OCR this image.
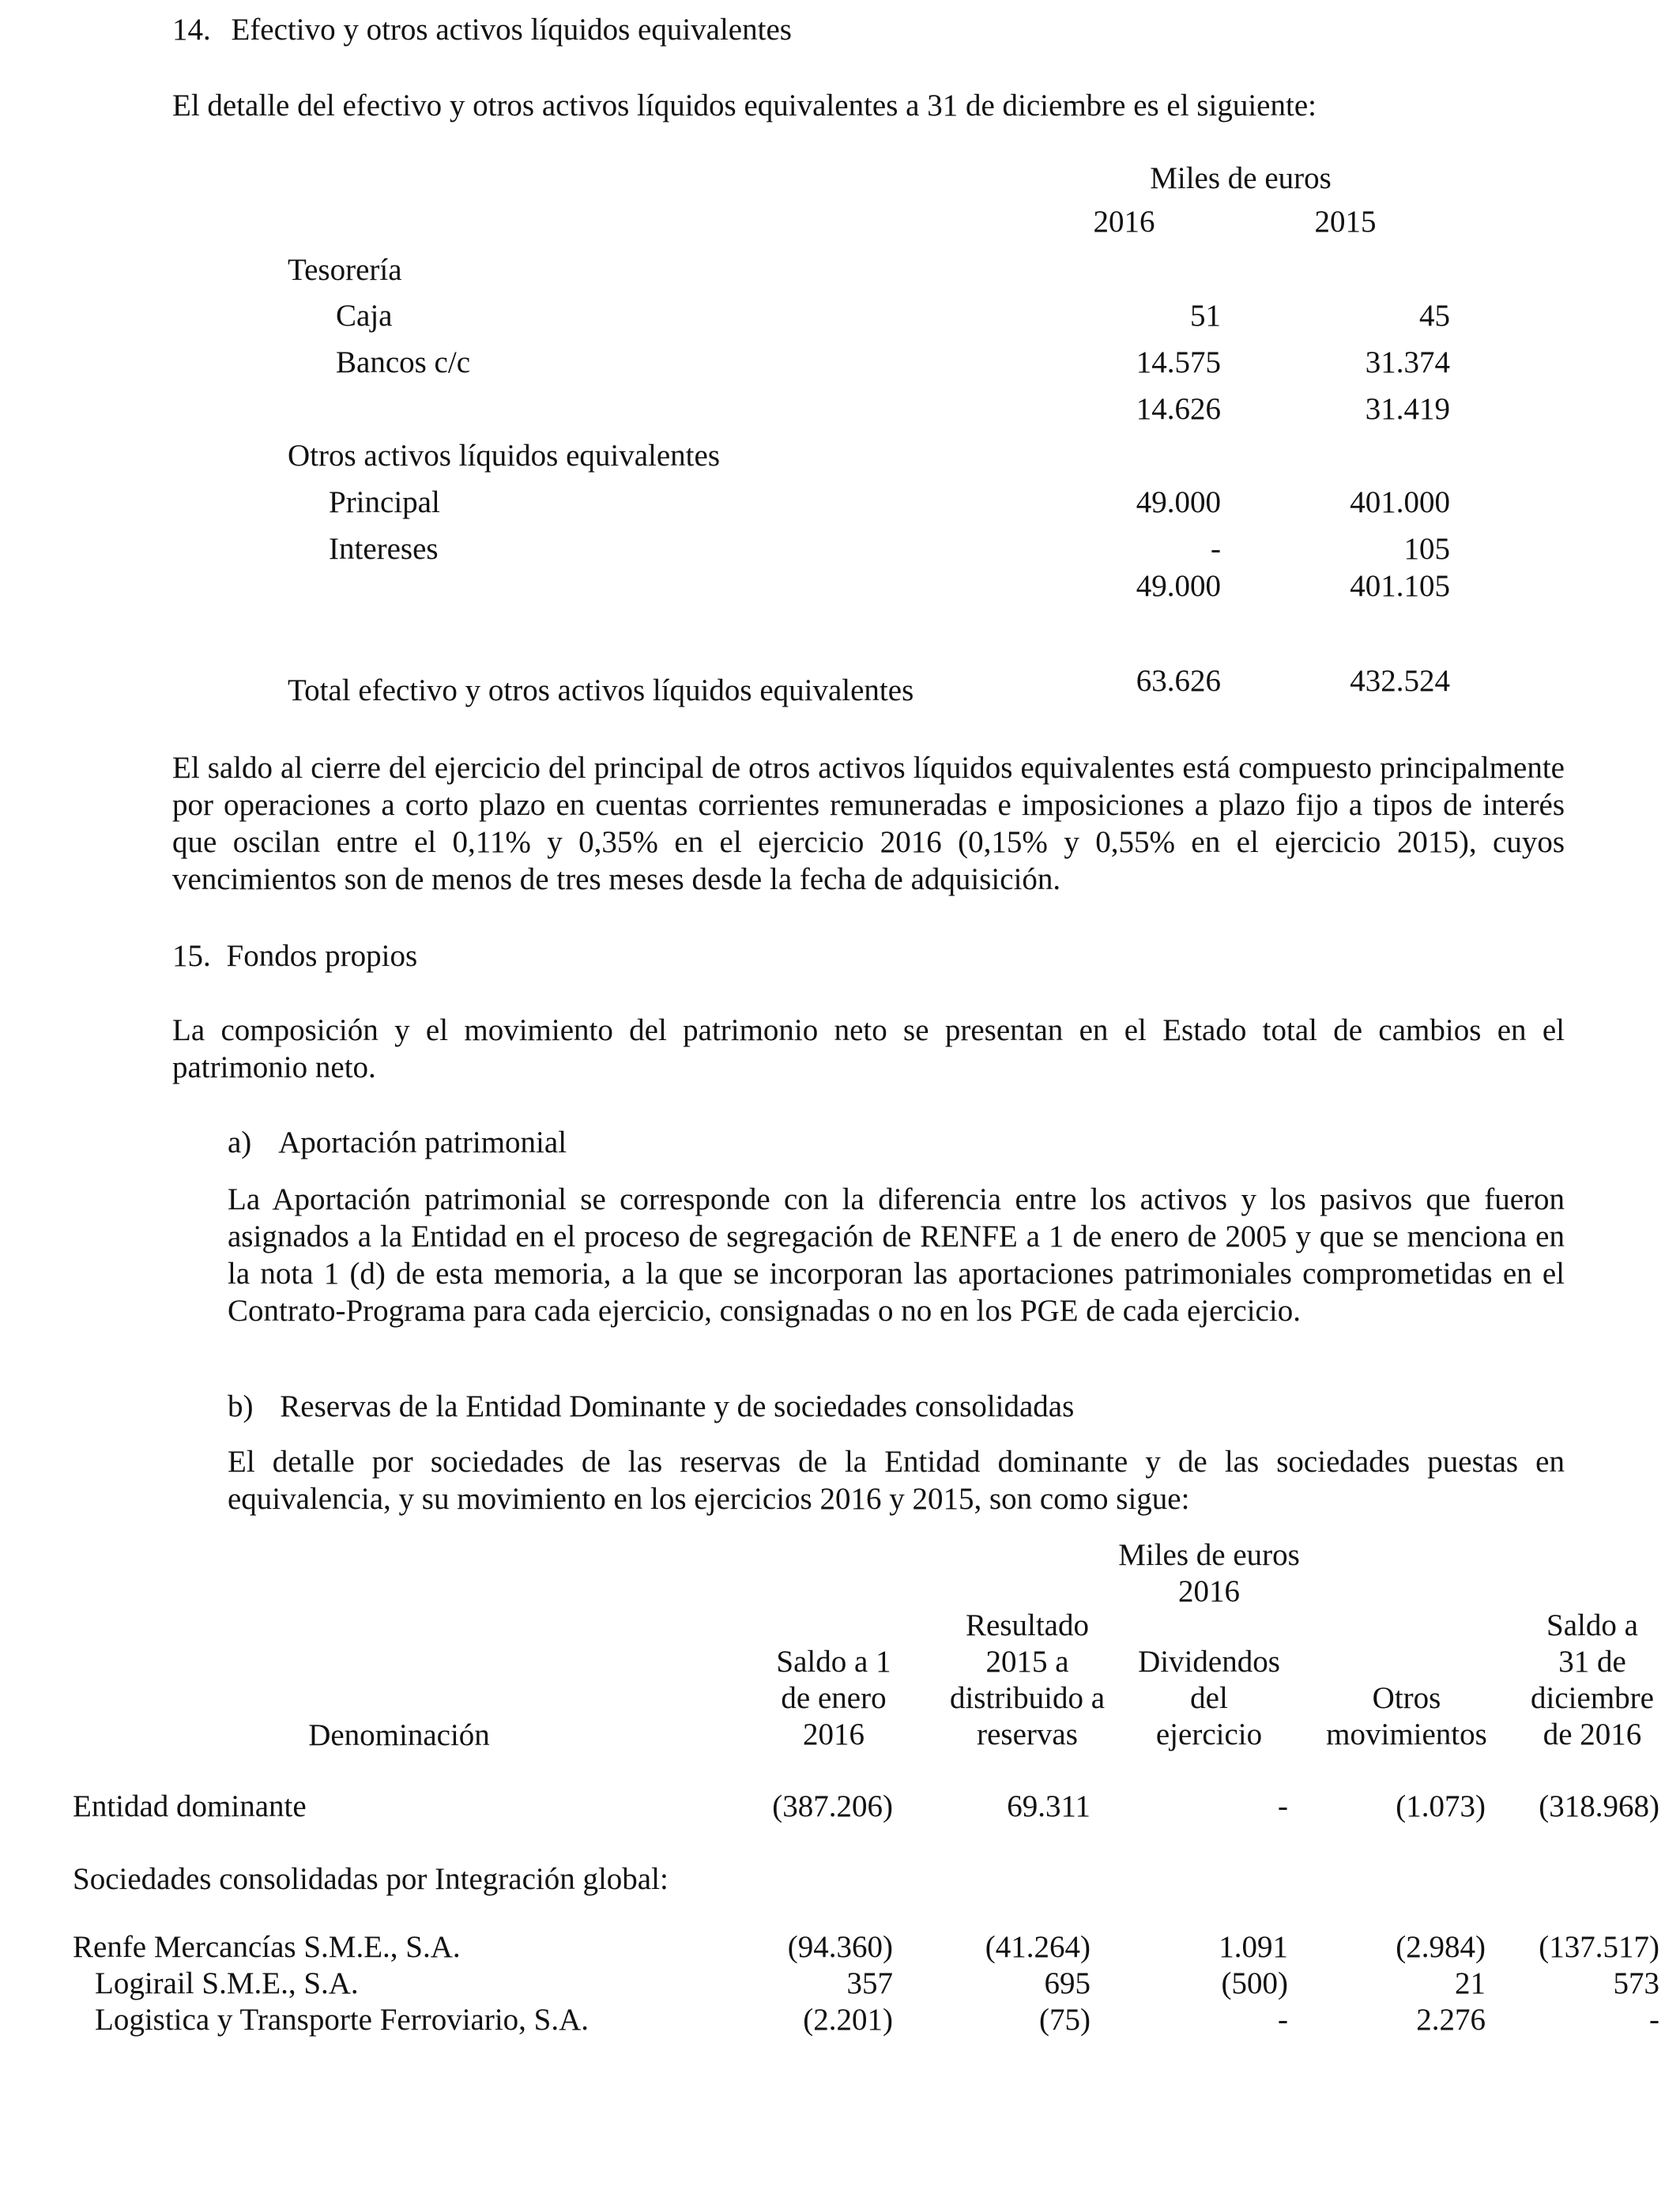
14. Efectivo y otros activos líquidos equivalentes
El detalle del efectivo y otros activos líquidos equivalentes a 31 de diciembre es el siguiente:
Miles de euros
2016	2015
Tesorería
Caja	51	45
Bancos c/c	14.575	31.374
14.626	31.419
Otros activos líquidos equivalentes
Principal	49.000	401.000
Intereses	-	105
49.000	401.105
Total efectivo y otros activos líquidos equivalentes	63.626	432.524
El saldo al cierre del ejercicio del principal de otros activos líquidos equivalentes está compuesto principalmente por operaciones a corto plazo en cuentas corrientes remuneradas e imposiciones a plazo fijo a tipos de interés que oscilan entre el 0,11% y 0,35% en el ejercicio 2016 (0,15% y 0,55% en el ejercicio 2015), cuyos vencimientos son de menos de tres meses desde la fecha de adquisición.
15. Fondos propios
La composición y el movimiento del patrimonio neto se presentan en el Estado total de cambios en el patrimonio neto.
a) Aportación patrimonial
La Aportación patrimonial se corresponde con la diferencia entre los activos y los pasivos que fueron asignados a la Entidad en el proceso de segregación de RENFE a 1 de enero de 2005 y que se menciona en la nota 1 (d) de esta memoria, a la que se incorporan las aportaciones patrimoniales comprometidas en el Contrato-Programa para cada ejercicio, consignadas o no en los PGE de cada ejercicio.
b) Reservas de la Entidad Dominante y de sociedades consolidadas
El detalle por sociedades de las reservas de la Entidad dominante y de las sociedades puestas en equivalencia, y su movimiento en los ejercicios 2016 y 2015, son como sigue:
Miles de euros
2016
Denominación
Saldo a 1
de enero
2016
Resultado
2015 a
distribuido a
reservas
Dividendos
del
ejercicio
Otros
movimientos
Saldo a
31 de
diciembre
de 2016
Entidad dominante	(387.206)	69.311	-	(1.073)	(318.968)
Sociedades consolidadas por Integración global:
Renfe Mercancías S.M.E., S.A.	(94.360)	(41.264)	1.091	(2.984)	(137.517)
Logirail S.M.E., S.A.	357	695	(500)	21	573
Logistica y Transporte Ferroviario, S.A.	(2.201)	(75)	-	2.276	-
